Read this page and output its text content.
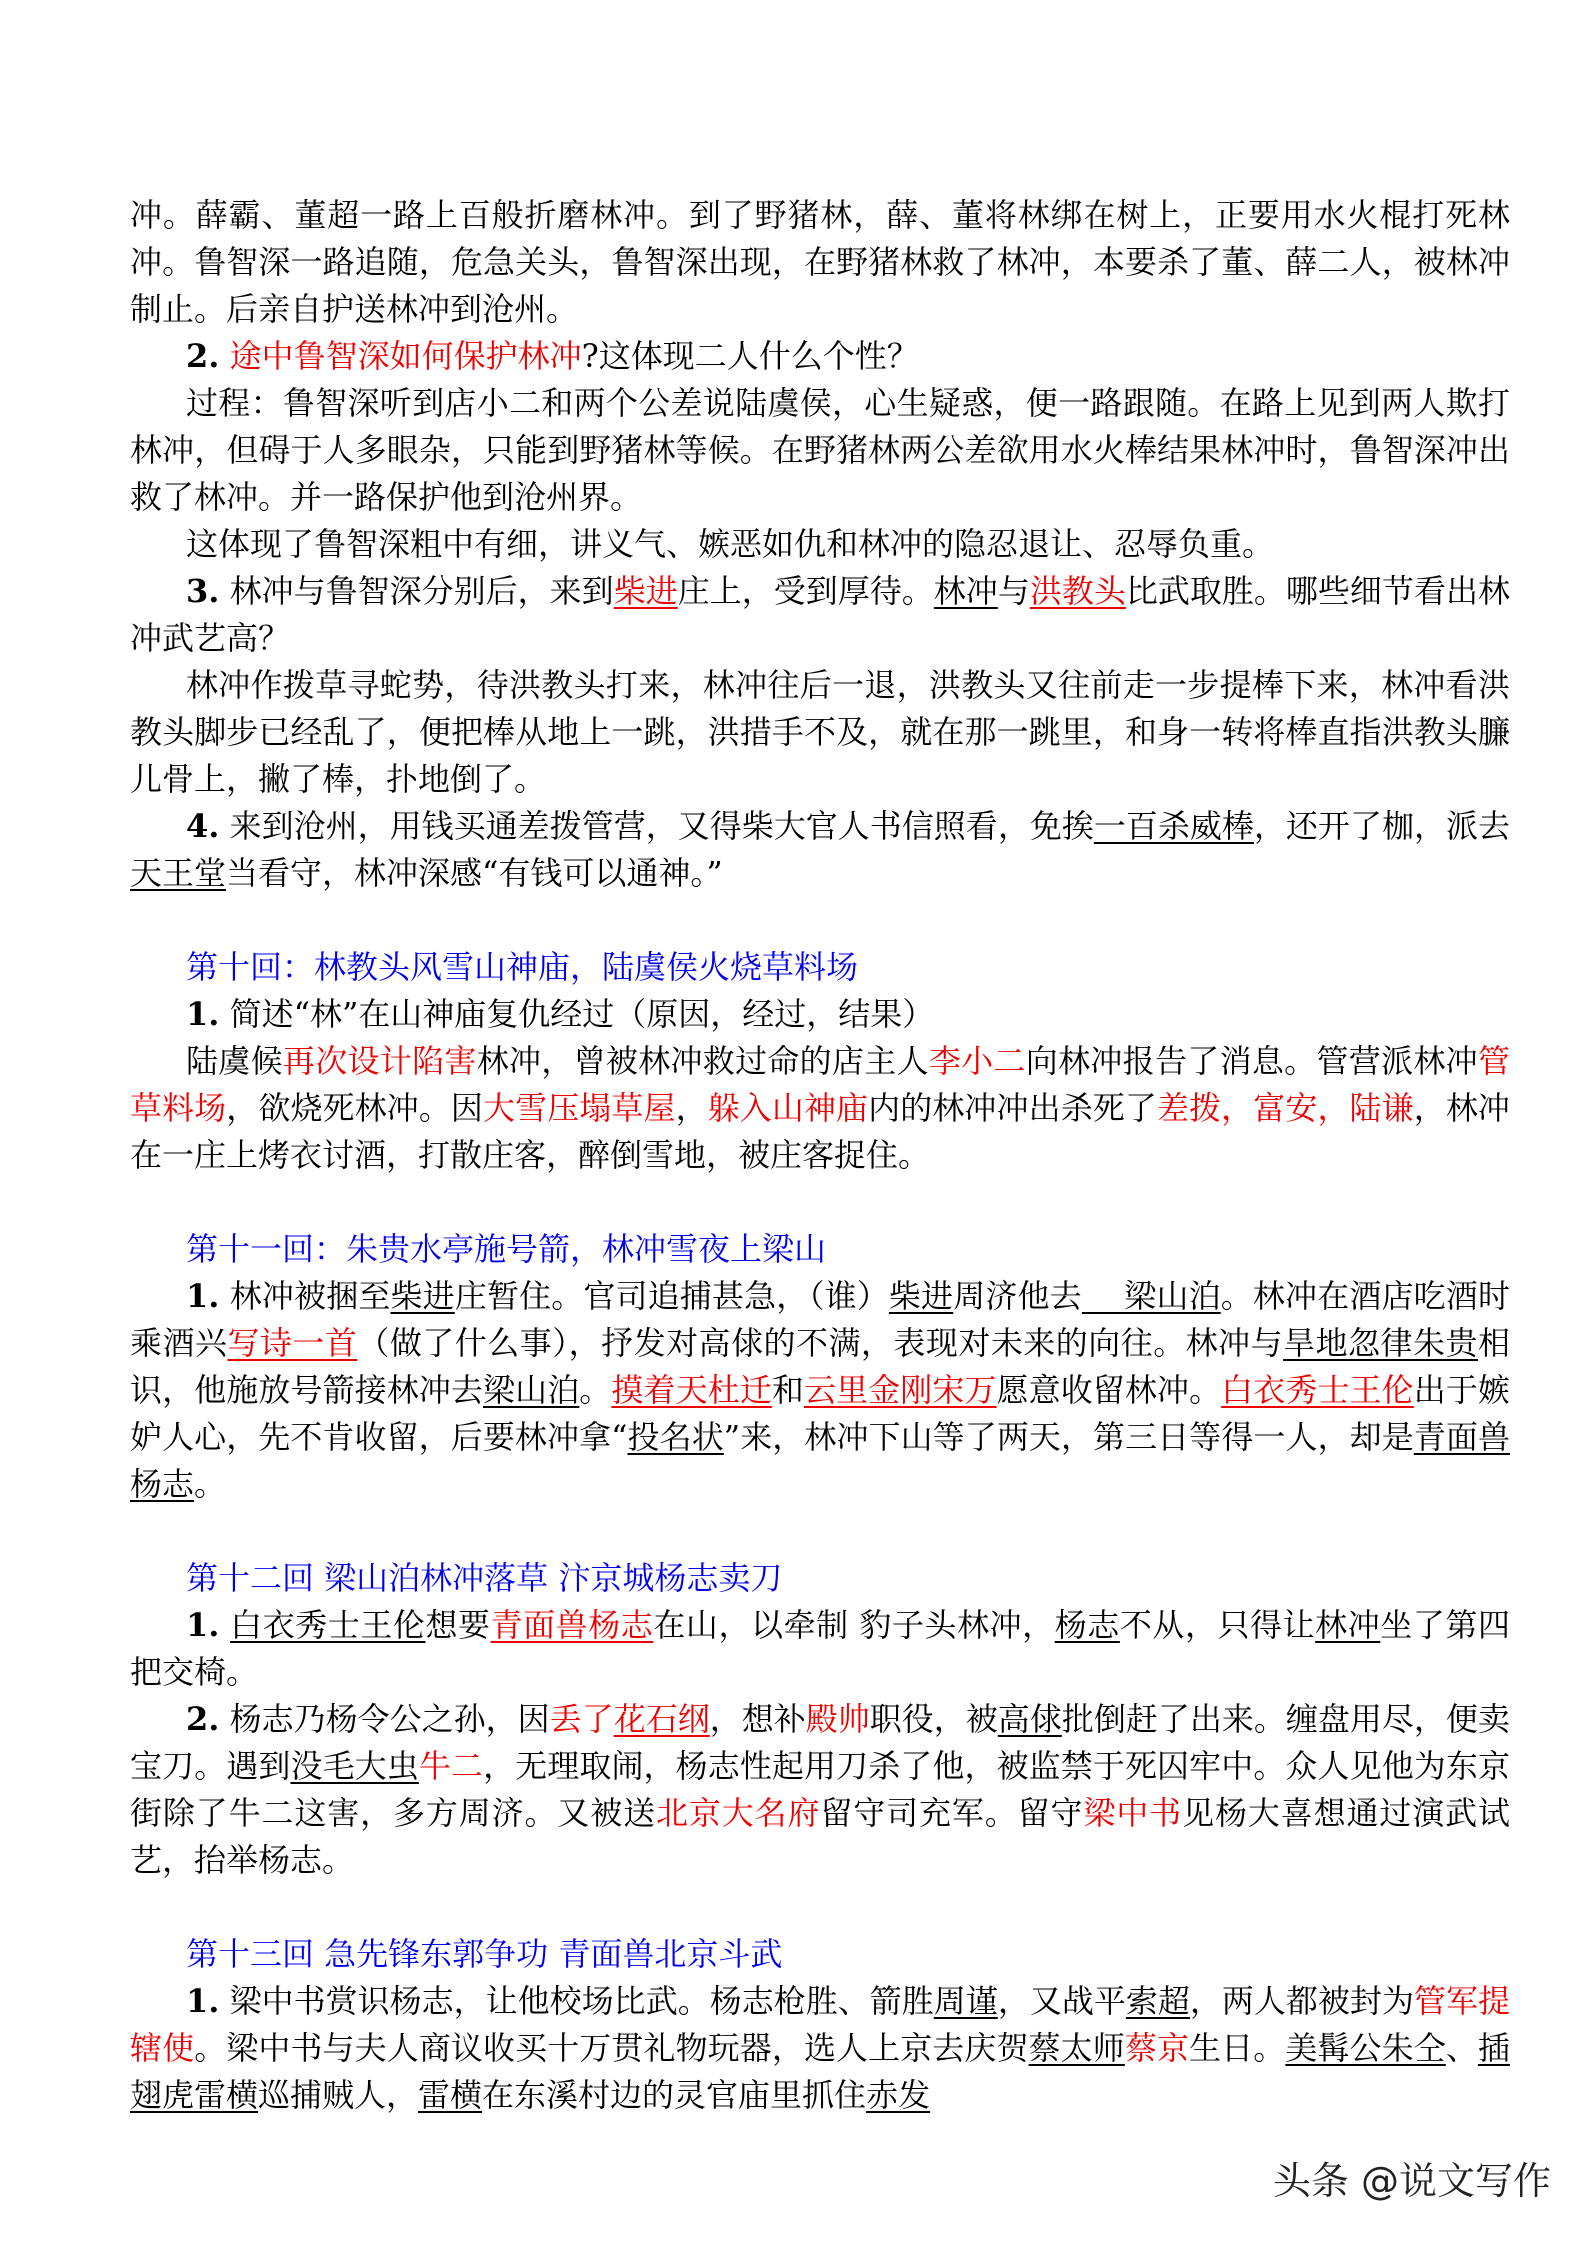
冲。薛霸、董超一路上百般折磨林冲。到了野猪林，薛、董将林绑在树上，正要用水火棍打死林冲。鲁智深一路追随，危急关头，鲁智深出现，在野猪林救了林冲，本要杀了董、薛二人，被林冲制止。后亲自护送林冲到沧州。

2. 途中鲁智深如何保护林冲?这体现二人什么个性？

过程：鲁智深听到店小二和两个公差说陆虞侯，心生疑惑，便一路跟随。在路上见到两人欺打林冲，但碍于人多眼杂，只能到野猪林等候。在野猪林两公差欲用水火棒结果林冲时，鲁智深冲出救了林冲。并一路保护他到沧州界。

这体现了鲁智深粗中有细，讲义气、嫉恶如仇和林冲的隐忍退让、忍辱负重。

3. 林冲与鲁智深分别后，来到柴进庄上，受到厚待。林冲与洪教头比武取胜。哪些细节看出林冲武艺高？

林冲作拨草寻蛇势，待洪教头打来，林冲往后一退，洪教头又往前走一步提棒下来，林冲看洪教头脚步已经乱了，便把棒从地上一跳，洪措手不及，就在那一跳里，和身一转将棒直指洪教头臁儿骨上，撇了棒，扑地倒了。

4. 来到沧州，用钱买通差拨管营，又得柴大官人书信照看，免挨一百杀威棒，还开了枷，派去天王堂当看守，林冲深感“有钱可以通神。”

第十回：林教头风雪山神庙，陆虞侯火烧草料场

1. 简述“林”在山神庙复仇经过（原因，经过，结果）

陆虞候再次设计陷害林冲，曾被林冲救过命的店主人李小二向林冲报告了消息。管营派林冲管草料场，欲烧死林冲。因大雪压塌草屋，躲入山神庙内的林冲冲出杀死了差拨，富安，陆谦，林冲在一庄上烤衣讨酒，打散庄客，醉倒雪地，被庄客捉住。

第十一回：朱贵水亭施号箭，林冲雪夜上梁山

1. 林冲被捆至柴进庄暂住。官司追捕甚急，（谁）柴进周济他去　 梁山泊。林冲在酒店吃酒时乘酒兴写诗一首（做了什么事），抒发对高俅的不满，表现对未来的向往。林冲与旱地忽律朱贵相识，他施放号箭接林冲去梁山泊。摸着天杜迁和云里金刚宋万愿意收留林冲。白衣秀士王伦出于嫉妒人心，先不肯收留，后要林冲拿“投名状”来，林冲下山等了两天，第三日等得一人，却是青面兽杨志。

第十二回 梁山泊林冲落草 汴京城杨志卖刀

1. 白衣秀士王伦想要青面兽杨志在山，以牵制 豹子头林冲，杨志不从，只得让林冲坐了第四把交椅。

2. 杨志乃杨令公之孙，因丢了花石纲，想补殿帅职役，被高俅批倒赶了出来。缠盘用尽，便卖宝刀。遇到没毛大虫牛二，无理取闹，杨志性起用刀杀了他，被监禁于死囚牢中。众人见他为东京街除了牛二这害，多方周济。又被送北京大名府留守司充军。留守梁中书见杨大喜想通过演武试艺，抬举杨志。

第十三回 急先锋东郭争功 青面兽北京斗武

1. 梁中书赏识杨志，让他校场比武。杨志枪胜、箭胜周谨，又战平索超，两人都被封为管军提辖使。梁中书与夫人商议收买十万贯礼物玩器，选人上京去庆贺蔡太师蔡京生日。美髯公朱仝、插翅虎雷横巡捕贼人，雷横在东溪村边的灵官庙里抓住赤发

头条 @说文写作
